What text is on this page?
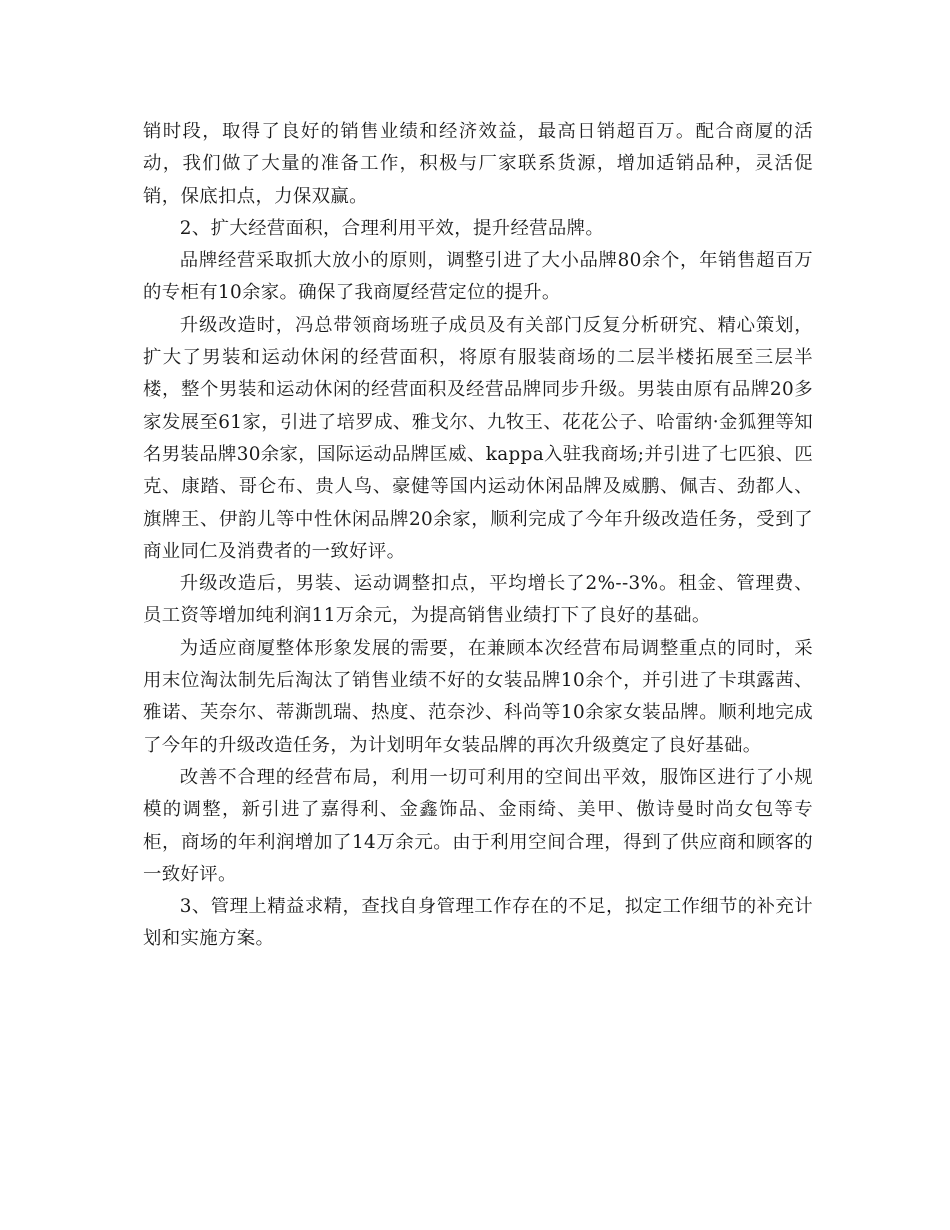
销时段，取得了良好的销售业绩和经济效益，最高日销超百万。配合商厦的活动，我们做了大量的准备工作，积极与厂家联系货源，增加适销品种，灵活促销，保底扣点，力保双赢。

2、扩大经营面积，合理利用平效，提升经营品牌。

品牌经营采取抓大放小的原则，调整引进了大小品牌80余个，年销售超百万的专柜有10余家。确保了我商厦经营定位的提升。

升级改造时，冯总带领商场班子成员及有关部门反复分析研究、精心策划，扩大了男装和运动休闲的经营面积，将原有服装商场的二层半楼拓展至三层半楼，整个男装和运动休闲的经营面积及经营品牌同步升级。男装由原有品牌20多家发展至61家，引进了培罗成、雅戈尔、九牧王、花花公子、哈雷纳·金狐狸等知名男装品牌30余家，国际运动品牌匡威、kappa入驻我商场;并引进了七匹狼、匹克、康踏、哥仑布、贵人鸟、豪健等国内运动休闲品牌及威鹏、佩吉、劲都人、旗牌王、伊韵儿等中性休闲品牌20余家，顺利完成了今年升级改造任务，受到了商业同仁及消费者的一致好评。

升级改造后，男装、运动调整扣点，平均增长了2%--3%。租金、管理费、员工资等增加纯利润11万余元，为提高销售业绩打下了良好的基础。

为适应商厦整体形象发展的需要，在兼顾本次经营布局调整重点的同时，采用末位淘汰制先后淘汰了销售业绩不好的女装品牌10余个，并引进了卡琪露茜、雅诺、芙奈尔、蒂澌凯瑞、热度、范奈沙、科尚等10余家女装品牌。顺利地完成了今年的升级改造任务，为计划明年女装品牌的再次升级奠定了良好基础。

改善不合理的经营布局，利用一切可利用的空间出平效，服饰区进行了小规模的调整，新引进了嘉得利、金鑫饰品、金雨绮、美甲、傲诗曼时尚女包等专柜，商场的年利润增加了14万余元。由于利用空间合理，得到了供应商和顾客的一致好评。

3、管理上精益求精，查找自身管理工作存在的不足，拟定工作细节的补充计划和实施方案。
